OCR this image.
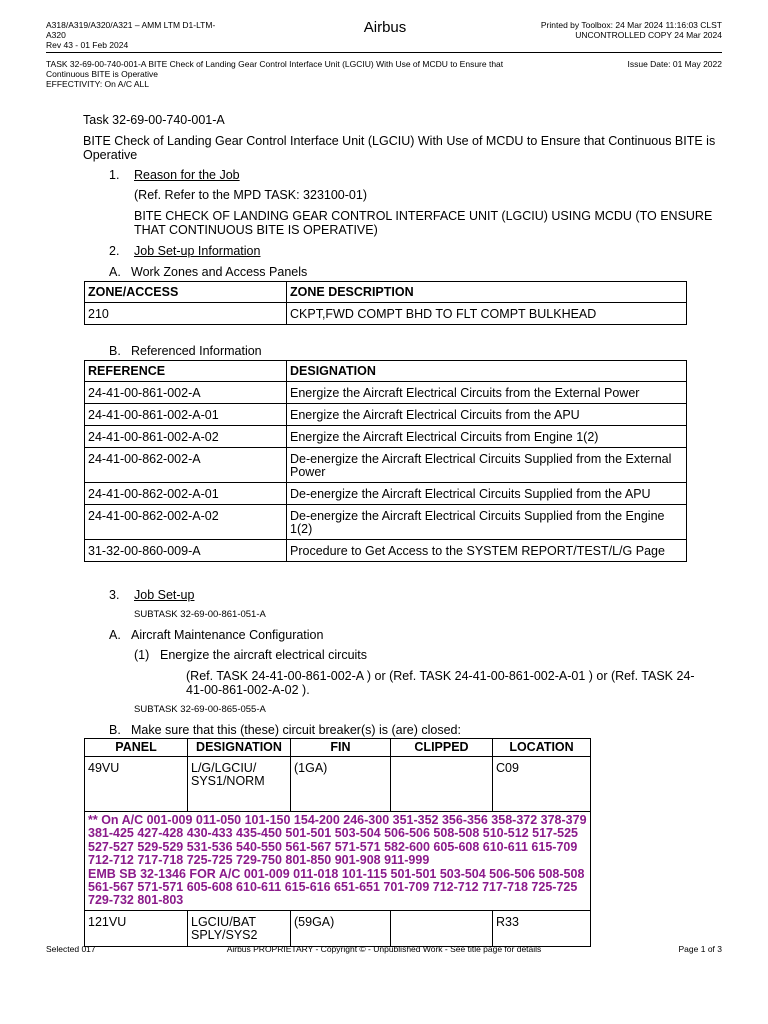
A318/A319/A320/A321 – AMM LTM D1-LTM-
A320
Rev 43 - 01 Feb 2024
Airbus	Printed by Toolbox: 24 Mar 2024 11:16:03 CLST
UNCONTROLLED COPY 24 Mar 2024
TASK 32-69-00-740-001-A BITE Check of Landing Gear Control Interface Unit (LGCIU) With Use of MCDU to Ensure that
Continuous BITE is Operative
EFFECTIVITY: On A/C ALL
Issue Date: 01 May 2022
Task 32-69-00-740-001-A
BITE Check of Landing Gear Control Interface Unit (LGCIU) With Use of MCDU to Ensure that Continuous BITE is Operative
1. Reason for the Job
(Ref. Refer to the MPD TASK: 323100-01)
BITE CHECK OF LANDING GEAR CONTROL INTERFACE UNIT (LGCIU) USING MCDU (TO ENSURE THAT CONTINUOUS BITE IS OPERATIVE)
2. Job Set-up Information
A. Work Zones and Access Panels
ZONE/ACCESS	ZONE DESCRIPTION
210	CKPT,FWD COMPT BHD TO FLT COMPT BULKHEAD
B. Referenced Information
REFERENCE	DESIGNATION
24-41-00-861-002-A	Energize the Aircraft Electrical Circuits from the External Power
24-41-00-861-002-A-01	Energize the Aircraft Electrical Circuits from the APU
24-41-00-861-002-A-02	Energize the Aircraft Electrical Circuits from Engine 1(2)
24-41-00-862-002-A	De-energize the Aircraft Electrical Circuits Supplied from the External Power
24-41-00-862-002-A-01	De-energize the Aircraft Electrical Circuits Supplied from the APU
24-41-00-862-002-A-02	De-energize the Aircraft Electrical Circuits Supplied from the Engine 1(2)
31-32-00-860-009-A	Procedure to Get Access to the SYSTEM REPORT/TEST/L/G Page
3. Job Set-up
SUBTASK 32-69-00-861-051-A
A. Aircraft Maintenance Configuration
(1) Energize the aircraft electrical circuits
(Ref. TASK 24-41-00-861-002-A ) or (Ref. TASK 24-41-00-861-002-A-01 ) or (Ref. TASK 24-41-00-861-002-A-02 ).
SUBTASK 32-69-00-865-055-A
B. Make sure that this (these) circuit breaker(s) is (are) closed:
PANEL	DESIGNATION	FIN	CLIPPED	LOCATION
49VU	L/G/LGCIU/ SYS1/NORM	(1GA)		C09

** On A/C 001-009 011-050 101-150 154-200 246-300 351-352 356-356 358-372 378-379 381-425 427-428 430-433 435-450 501-501 503-504 506-506 508-508 510-512 517-525 527-527 529-529 531-536 540-550 561-567 571-571 582-600 605-608 610-611 615-709 712-712 717-718 725-725 729-750 801-850 901-908 911-999
EMB SB 32-1346 FOR A/C 001-009 011-018 101-115 501-501 503-504 506-506 508-508 561-567 571-571 605-608 610-611 615-616 651-651 701-709 712-712 717-718 725-725 729-732 801-803				

121VU	LGCIU/BAT SPLY/SYS2	(59GA)		R33
Selected 017	Airbus PROPRIETARY - Copyright © - Unpublished Work - See title page for details	Page 1 of 3
